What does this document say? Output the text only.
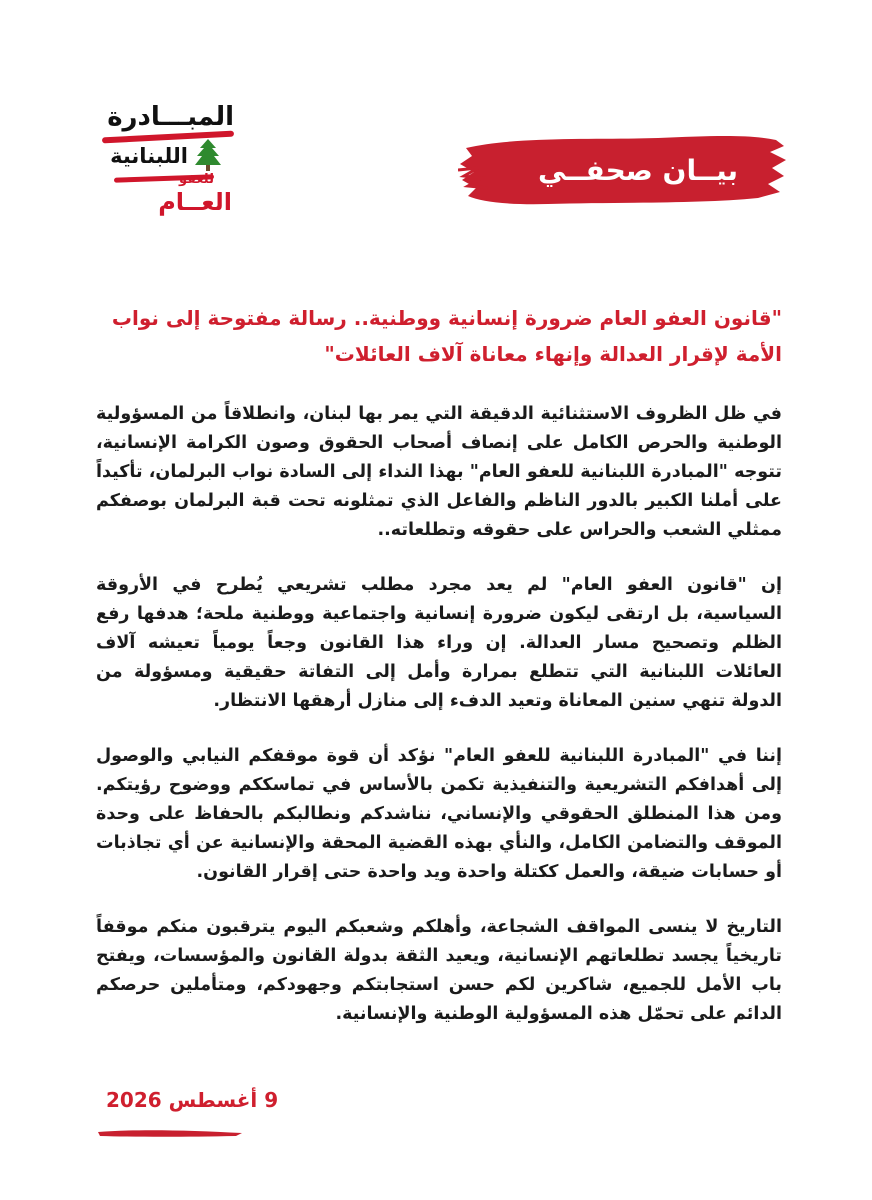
المبـــادرة
اللبنانية
للعفو
العــام
بيــان صحفــي
"قانون العفو العام ضرورة إنسانية ووطنية.. رسالة مفتوحة إلى نواب الأمة لإقرار العدالة وإنهاء معاناة آلاف العائلات"

في ظل الظروف الاستثنائية الدقيقة التي يمر بها لبنان، وانطلاقاً من المسؤولية الوطنية والحرص الكامل على إنصاف أصحاب الحقوق وصون الكرامة الإنسانية، تتوجه "المبادرة اللبنانية للعفو العام" بهذا النداء إلى السادة نواب البرلمان، تأكيداً على أملنا الكبير بالدور الناظم والفاعل الذي تمثلونه تحت قبة البرلمان بوصفكم ممثلي الشعب والحراس على حقوقه وتطلعاته..

إن "قانون العفو العام" لم يعد مجرد مطلب تشريعي يُطرح في الأروقة السياسية، بل ارتقى ليكون ضرورة إنسانية واجتماعية ووطنية ملحة؛ هدفها رفع الظلم وتصحيح مسار العدالة. إن وراء هذا القانون وجعاً يومياً تعيشه آلاف العائلات اللبنانية التي تتطلع بمرارة وأمل إلى التفاتة حقيقية ومسؤولة من الدولة تنهي سنين المعاناة وتعيد الدفء إلى منازل أرهقها الانتظار.

إننا في "المبادرة اللبنانية للعفو العام" نؤكد أن قوة موقفكم النيابي والوصول إلى أهدافكم التشريعية والتنفيذية تكمن بالأساس في تماسككم ووضوح رؤيتكم. ومن هذا المنطلق الحقوقي والإنساني، نناشدكم ونطالبكم بالحفاظ على وحدة الموقف والتضامن الكامل، والنأي بهذه القضية المحقة والإنسانية عن أي تجاذبات أو حسابات ضيقة، والعمل ككتلة واحدة ويد واحدة حتى إقرار القانون.

التاريخ لا ينسى المواقف الشجاعة، وأهلكم وشعبكم اليوم يترقبون منكم موقفاً تاريخياً يجسد تطلعاتهم الإنسانية، ويعيد الثقة بدولة القانون والمؤسسات، ويفتح باب الأمل للجميع، شاكرين لكم حسن استجابتكم وجهودكم، ومتأملين حرصكم الدائم على تحمّل هذه المسؤولية الوطنية والإنسانية.

9 أغسطس 2026
